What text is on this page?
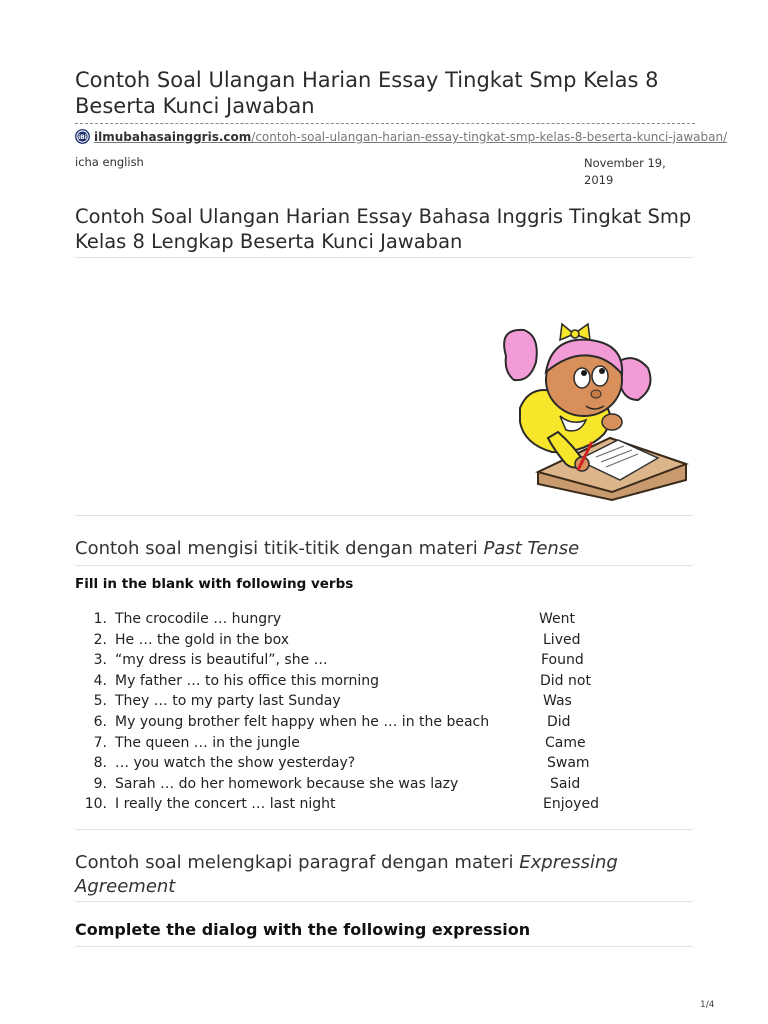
Contoh Soal Ulangan Harian Essay Tingkat Smp Kelas 8 Beserta Kunci Jawaban
iBi ilmubahasainggris.com/contoh-soal-ulangan-harian-essay-tingkat-smp-kelas-8-beserta-kunci-jawaban/
icha english	November 19, 2019
Contoh Soal Ulangan Harian Essay Bahasa Inggris Tingkat Smp Kelas 8 Lengkap Beserta Kunci Jawaban
Contoh soal mengisi titik-titik dengan materi Past Tense
Fill in the blank with following verbs
1. The crocodile … hungry	Went
2. He … the gold in the box	Lived
3. “my dress is beautiful”, she …	Found
4. My father … to his office this morning	Did not
5. They … to my party last Sunday	Was
6. My young brother felt happy when he … in the beach	Did
7. The queen … in the jungle	Came
8. … you watch the show yesterday?	Swam
9. Sarah … do her homework because she was lazy	Said
10. I really the concert … last night	Enjoyed
Contoh soal melengkapi paragraf dengan materi Expressing Agreement
Complete the dialog with the following expression
1/4
